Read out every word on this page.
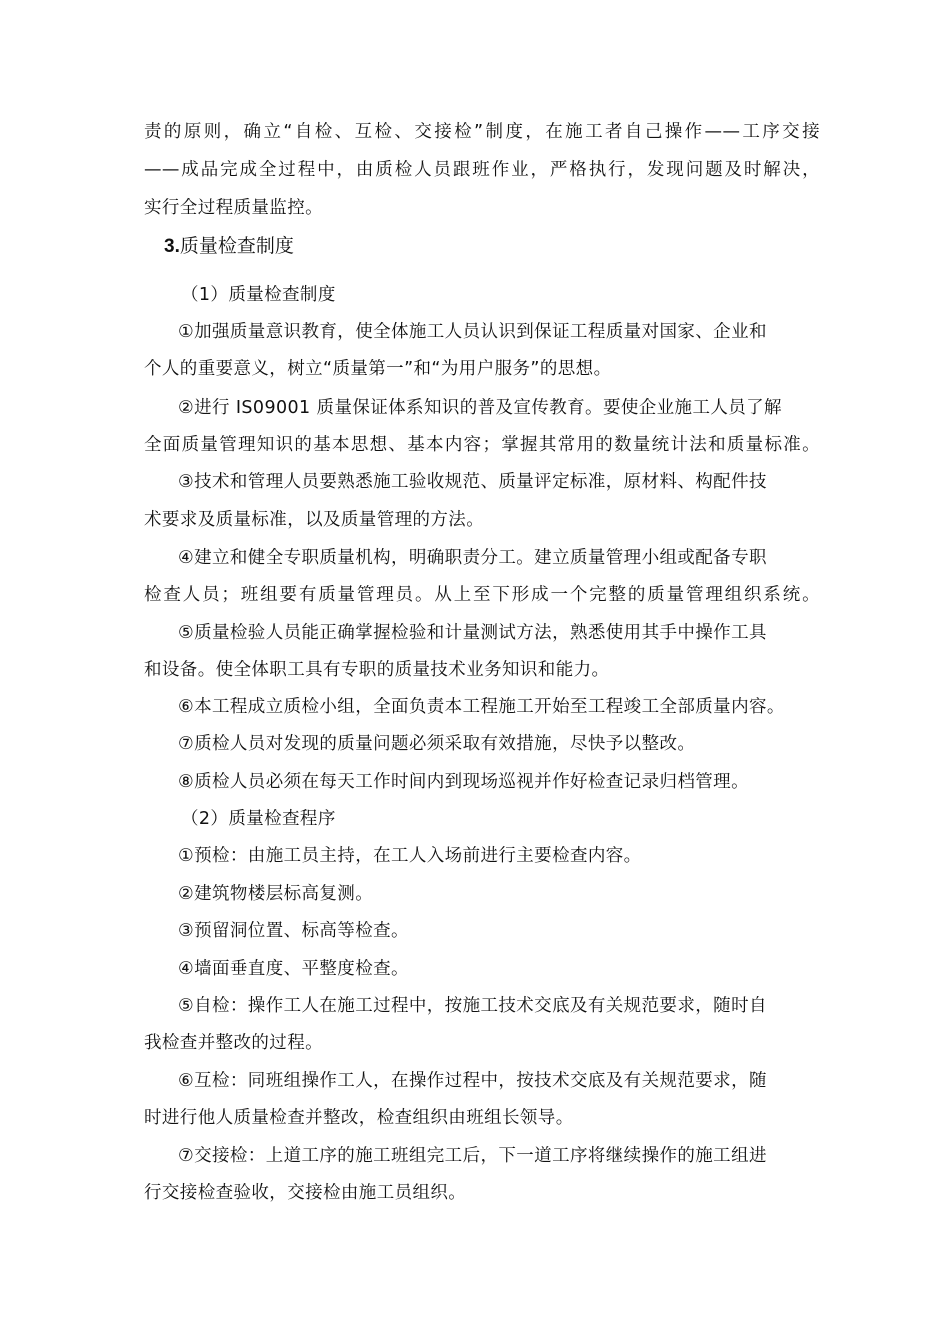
责的原则，确立“自检、互检、交接检”制度，在施工者自己操作——工序交接
——成品完成全过程中，由质检人员跟班作业，严格执行，发现问题及时解决，
实行全过程质量监控。
3.质量检查制度
（1）质量检查制度
①加强质量意识教育，使全体施工人员认识到保证工程质量对国家、企业和
个人的重要意义，树立“质量第一”和“为用户服务”的思想。
②进行 IS09001 质量保证体系知识的普及宣传教育。要使企业施工人员了解
全面质量管理知识的基本思想、基本内容；掌握其常用的数量统计法和质量标准。
③技术和管理人员要熟悉施工验收规范、质量评定标准，原材料、构配件技
术要求及质量标准，以及质量管理的方法。
④建立和健全专职质量机构，明确职责分工。建立质量管理小组或配备专职
检查人员；班组要有质量管理员。从上至下形成一个完整的质量管理组织系统。
⑤质量检验人员能正确掌握检验和计量测试方法，熟悉使用其手中操作工具
和设备。使全体职工具有专职的质量技术业务知识和能力。
⑥本工程成立质检小组，全面负责本工程施工开始至工程竣工全部质量内容。
⑦质检人员对发现的质量问题必须采取有效措施，尽快予以整改。
⑧质检人员必须在每天工作时间内到现场巡视并作好检查记录归档管理。
（2）质量检查程序
①预检：由施工员主持，在工人入场前进行主要检查内容。
②建筑物楼层标高复测。
③预留洞位置、标高等检查。
④墙面垂直度、平整度检查。
⑤自检：操作工人在施工过程中，按施工技术交底及有关规范要求，随时自
我检查并整改的过程。
⑥互检：同班组操作工人，在操作过程中，按技术交底及有关规范要求，随
时进行他人质量检查并整改，检查组织由班组长领导。
⑦交接检：上道工序的施工班组完工后，下一道工序将继续操作的施工组进
行交接检查验收，交接检由施工员组织。
